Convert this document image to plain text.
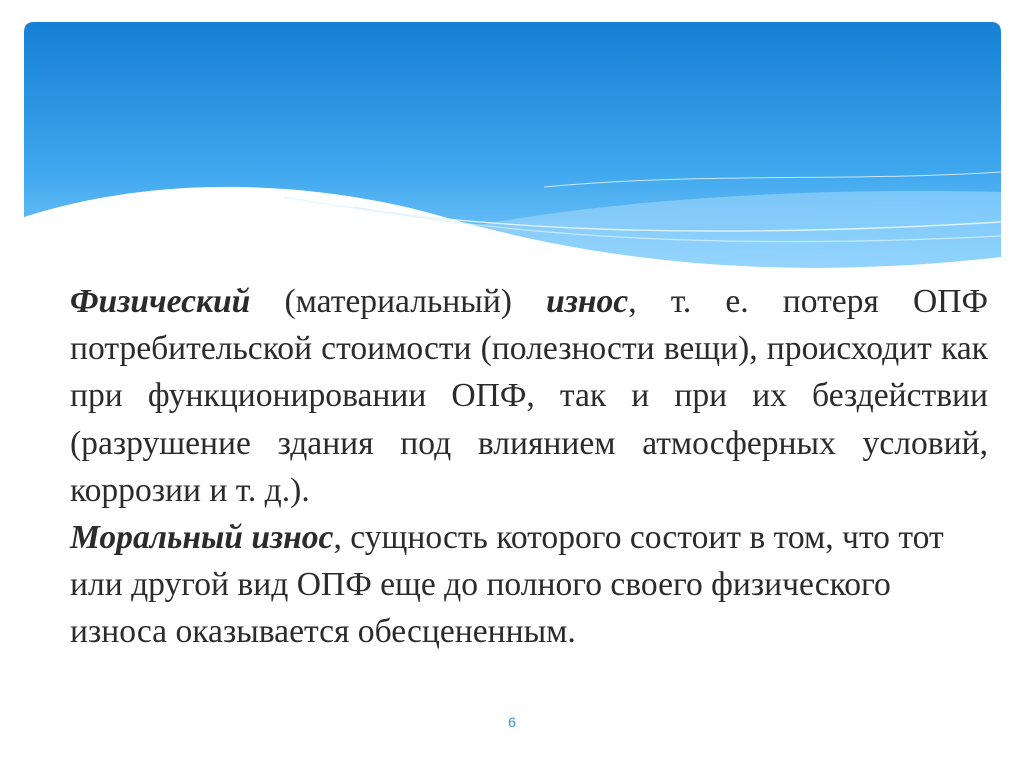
Физический (материальный) износ, т. е. потеря ОПФ потребительской стоимости (полезности вещи), происходит как при функционировании ОПФ, так и при их бездействии (разрушение здания под влиянием атмосферных условий, коррозии и т. д.).

Моральный износ, сущность которого состоит в том, что тот или другой вид ОПФ еще до полного своего физического износа оказывается обесцененным.

6
